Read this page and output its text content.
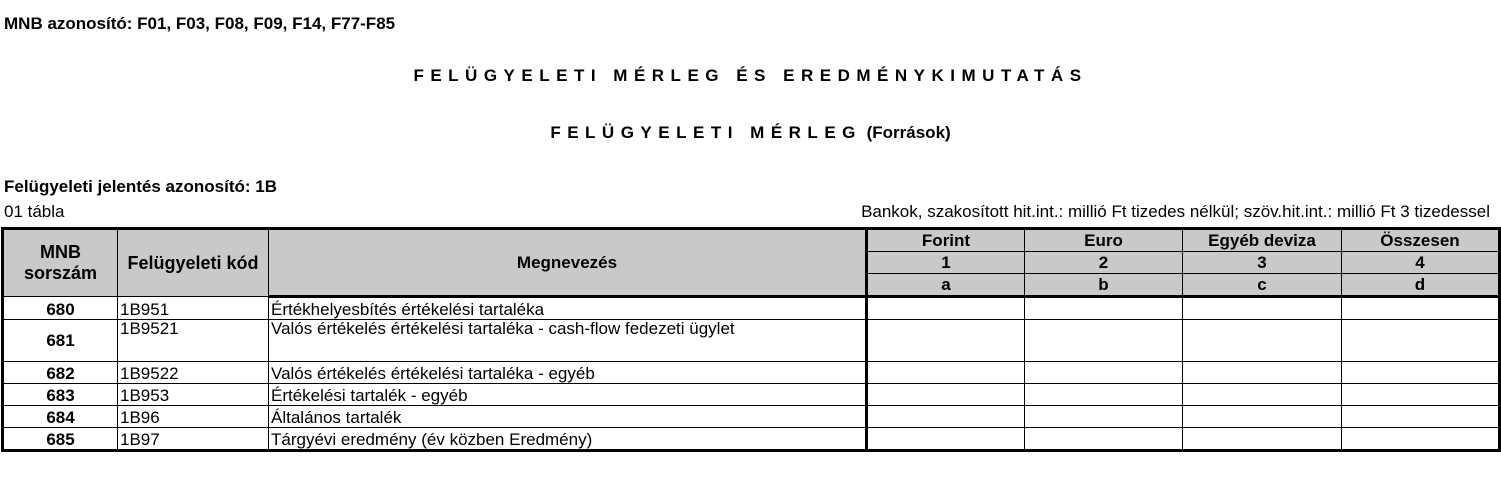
MNB azonosító: F01, F03, F08, F09, F14, F77-F85
FELÜGYELETI MÉRLEG ÉS EREDMÉNYKIMUTATÁS
FELÜGYELETI MÉRLEG (Források)
Felügyeleti jelentés azonosító: 1B
01 tábla	Bankok, szakosított hit.int.: millió Ft tizedes nélkül; szöv.hit.int.: millió Ft 3 tizedessel
MNB sorszám	Felügyeleti kód	Megnevezés	Forint	Euro	Egyéb deviza	Összesen
			1	2	3	4
			a	b	c	d
680	1B951	Értékhelyesbítés értékelési tartaléka				
681	1B9521	Valós értékelés értékelési tartaléka - cash-flow fedezeti ügylet				
682	1B9522	Valós értékelés értékelési tartaléka - egyéb				
683	1B953	Értékelési tartalék - egyéb				
684	1B96	Általános tartalék				
685	1B97	Tárgyévi eredmény (év közben Eredmény)				
